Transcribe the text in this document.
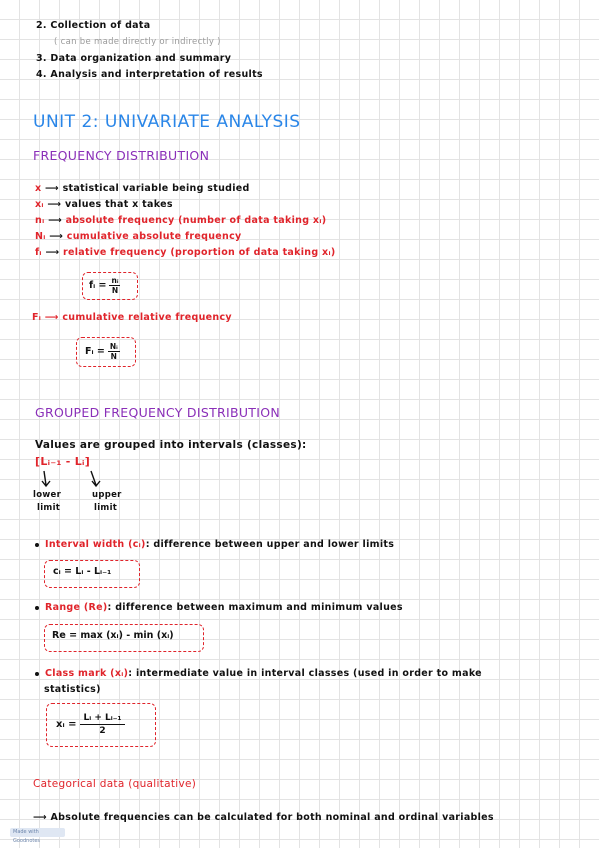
2. Collection of data
( can be made directly or indirectly )
3. Data organization and summary
4. Analysis and interpretation of results
UNIT 2: UNIVARIATE ANALYSIS
FREQUENCY DISTRIBUTION
x ⟶ statistical variable being studied
xᵢ ⟶ values that x takes
nᵢ ⟶ absolute frequency (number of data taking xᵢ)
Nᵢ ⟶ cumulative absolute frequency
fᵢ ⟶ relative frequency (proportion of data taking xᵢ)
fᵢ = $\frac{\text{nᵢ}}{N}$
Fᵢ ⟶ cumulative relative frequency
Fᵢ = $\frac{\text{Nᵢ}}{N}$
GROUPED FREQUENCY DISTRIBUTION
Values are grouped into intervals (classes):
[Lᵢ₋₁ - Lᵢ]
lower
limit
upper
limit
Interval width (cᵢ): difference between upper and lower limits
cᵢ = Lᵢ - Lᵢ₋₁
Range (Re): difference between maximum and minimum values
Re = max (xᵢ) - min (xᵢ)
Class mark (xᵢ): intermediate value in interval classes (used in order to make
statistics)
xᵢ = $\frac{\text{Lᵢ + Lᵢ₋₁}}{2}$
Categorical data (qualitative)
⟶ Absolute frequencies can be calculated for both nominal and ordinal variables
Made with Goodnotes
